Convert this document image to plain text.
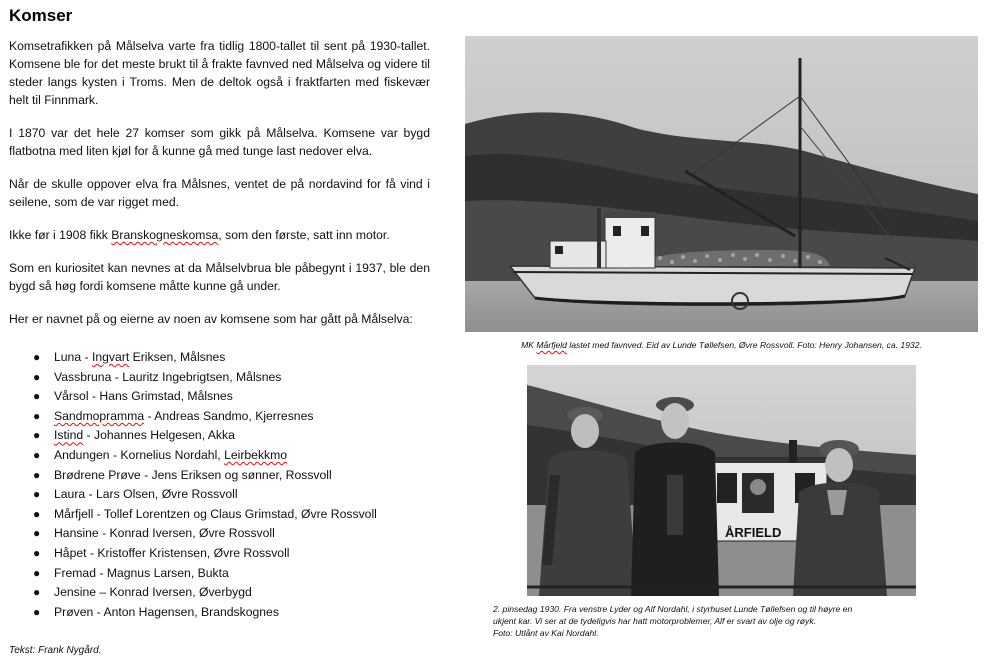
Komser

Komsetrafikken på Målselva varte fra tidlig 1800-tallet til sent på 1930-tallet. Komsene ble for det meste brukt til å frakte favnved ned Målselva og videre til steder langs kysten i Troms. Men de deltok også i fraktfarten med fiskevær helt til Finnmark.

I 1870 var det hele 27 komser som gikk på Målselva. Komsene var bygd flatbotna med liten kjøl for å kunne gå med tunge last nedover elva.

Når de skulle oppover elva fra Målsnes, ventet de på nordavind for få vind i seilene, som de var rigget med.

Ikke før i 1908 fikk Branskogneskomsa, som den første, satt inn motor.

Som en kuriositet kan nevnes at da Målselvbrua ble påbegynt i 1937, ble den bygd så høg fordi komsene måtte kunne gå under.

Her er navnet på og eierne av noen av komsene som har gått på Målselva:

● Luna - Ingvart Eriksen, Målsnes
● Vassbruna - Lauritz Ingebrigtsen, Målsnes
● Vårsol - Hans Grimstad, Målsnes
● Sandmopramma - Andreas Sandmo, Kjerresnes
● Istind - Johannes Helgesen, Akka
● Andungen - Kornelius Nordahl, Leirbekkmo
● Brødrene Prøve - Jens Eriksen og sønner, Rossvoll
● Laura - Lars Olsen, Øvre Rossvoll
● Mårfjell - Tollef Lorentzen og Claus Grimstad, Øvre Rossvoll
● Hansine - Konrad Iversen, Øvre Rossvoll
● Håpet - Kristoffer Kristensen, Øvre Rossvoll
● Fremad - Magnus Larsen, Bukta
● Jensine – Konrad Iversen, Øverbygd
● Prøven - Anton Hagensen, Brandskognes
Tekst: Frank Nygård.
MK Mårfjeld lastet med favnved. Eid av Lunde Tøllefsen, Øvre Rossvoll. Foto: Henry Johansen, ca. 1932.
ÅRFIELD
2. pinsedag 1930. Fra venstre Lyder og Alf Nordahl, i styrhuset Lunde Tøllefsen og til høyre en
ukjent kar. Vi ser at de tydeligvis har hatt motorproblemer, Alf er svart av olje og røyk.
Foto: Utlånt av Kai Nordahl.
